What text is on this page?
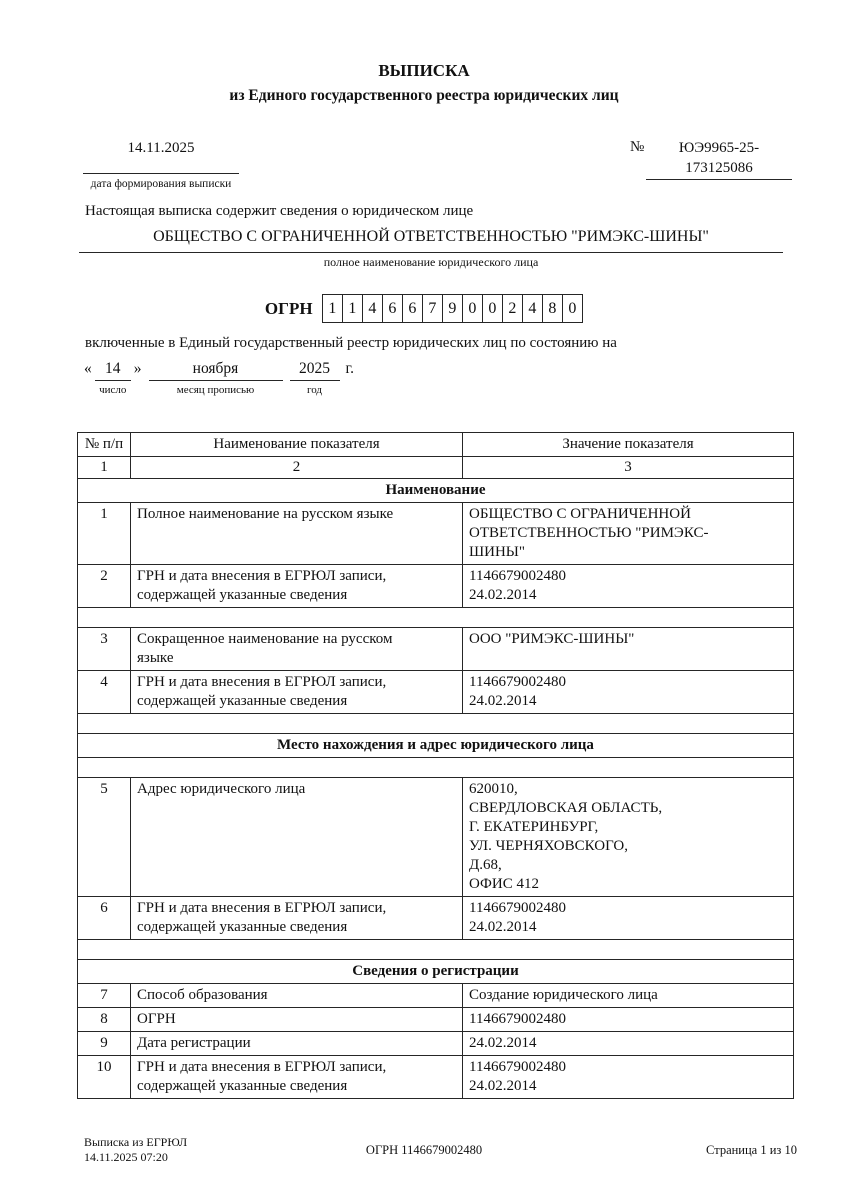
ВЫПИСКА
из Единого государственного реестра юридических лиц
14.11.2025
дата формирования выписки
№	ЮЭ9965-25-
173125086
Настоящая выписка содержит сведения о юридическом лице
ОБЩЕСТВО С ОГРАНИЧЕННОЙ ОТВЕТСТВЕННОСТЬЮ "РИМЭКС-ШИНЫ"
полное наименование юридического лица
ОГРН 1 1 4 6 6 7 9 0 0 2 4 8 0
включенные в Единый государственный реестр юридических лиц по состоянию на
« 14
число
»	ноября
месяц прописью
2025
год
г.
№ п/п	Наименование показателя	Значение показателя
1	2	3
Наименование		
1	Полное наименование на русском языке	ОБЩЕСТВО С ОГРАНИЧЕННОЙ
ОТВЕТСТВЕННОСТЬЮ "РИМЭКС-
ШИНЫ"
2	ГРН и дата внесения в ЕГРЮЛ записи,
содержащей указанные сведения	1146679002480
24.02.2014

3	Сокращенное наименование на русском
языке	ООО "РИМЭКС-ШИНЫ"
4	ГРН и дата внесения в ЕГРЮЛ записи,
содержащей указанные сведения	1146679002480
24.02.2014

Место нахождения и адрес юридического лица		

5	Адрес юридического лица	620010,
СВЕРДЛОВСКАЯ ОБЛАСТЬ,
Г. ЕКАТЕРИНБУРГ,
УЛ. ЧЕРНЯХОВСКОГО,
Д.68,
ОФИС 412
6	ГРН и дата внесения в ЕГРЮЛ записи,
содержащей указанные сведения	1146679002480
24.02.2014

Сведения о регистрации		
7	Способ образования	Создание юридического лица
8	ОГРН	1146679002480
9	Дата регистрации	24.02.2014
10	ГРН и дата внесения в ЕГРЮЛ записи,
содержащей указанные сведения	1146679002480
24.02.2014
Выписка из ЕГРЮЛ
14.11.2025 07:20	ОГРН 1146679002480	Страница 1 из 10
